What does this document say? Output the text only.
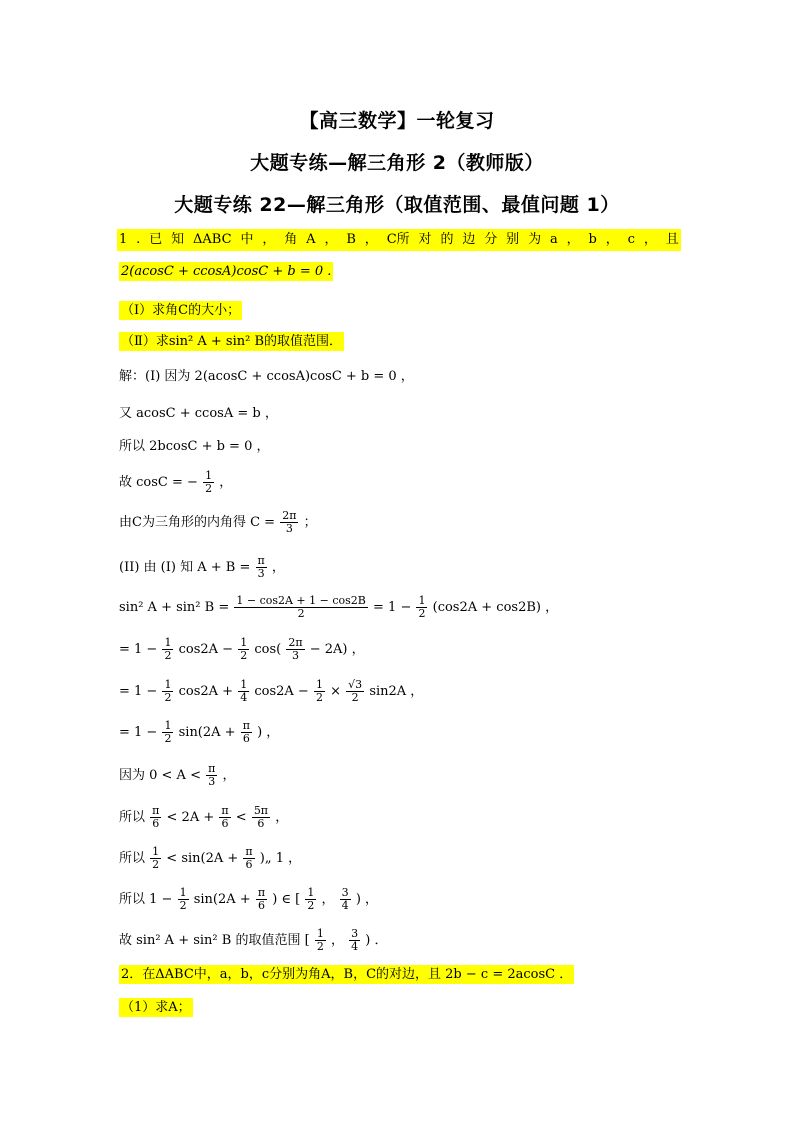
【高三数学】一轮复习
大题专练—解三角形 2（教师版）
大题专练 22—解三角形（取值范围、最值问题 1）
1 . 已 知 ΔABC 中 ， 角 A ， B ， C所 对 的 边 分 别 为 a ， b ， c ， 且
2(acosC + ccosA)cosC + b = 0 .
（Ⅰ）求角C的大小；
（Ⅱ）求sin² A + sin² B的取值范围．
解：(I) 因为 2(acosC + ccosA)cosC + b = 0 ，
又 acosC + ccosA = b ，
所以 2bcosC + b = 0 ，
故 cosC = − $\frac{1}{2}$ ，
由C为三角形的内角得 $C = \frac{2\pi}{3}$ ；
(II) 由 (I) 知 $A + B = \frac{\pi}{3}$ ，
sin² A + sin² $B = \frac{1 - \cos 2A + 1 - \cos 2B}{2} = 1 - \frac{1}{2} (\cos 2A + \cos 2B)$ ，
= $1 - \frac{1}{2} \cos 2A - \frac{1}{2} \cos( \frac{2\pi}{3} - 2A)$ ，
= $1 - \frac{1}{2} \cos 2A + \frac{1}{4} \cos 2A - \frac{1}{2} \times \frac{√3}{2} \sin 2A$ ，
= $1 - \frac{1}{2} \sin(2A + \frac{\pi}{6}$ ) ，
因为 $0 < A < \frac{\pi}{3}$ ，
所以 $\frac{\pi}{6} < 2A + \frac{\pi}{6} < \frac{5\pi}{6}$ ，
所以 $\frac{1}{2} < \sin(2A + \frac{\pi}{6}$ )„ 1 ，
所以 $1 - \frac{1}{2} \sin(2A + \frac{\pi}{6}$ ) ∈ [ $\frac{1}{2}$ ， $\frac{3}{4}$ ) ，
故 sin² A + sin² B 的取值范围 [ $\frac{1}{2}$ ， $\frac{3}{4}$ ) ．
2．在ΔABC中，a，b，c分别为角A，B，C的对边，且 2b − c = 2acosC ．
（1）求A；
